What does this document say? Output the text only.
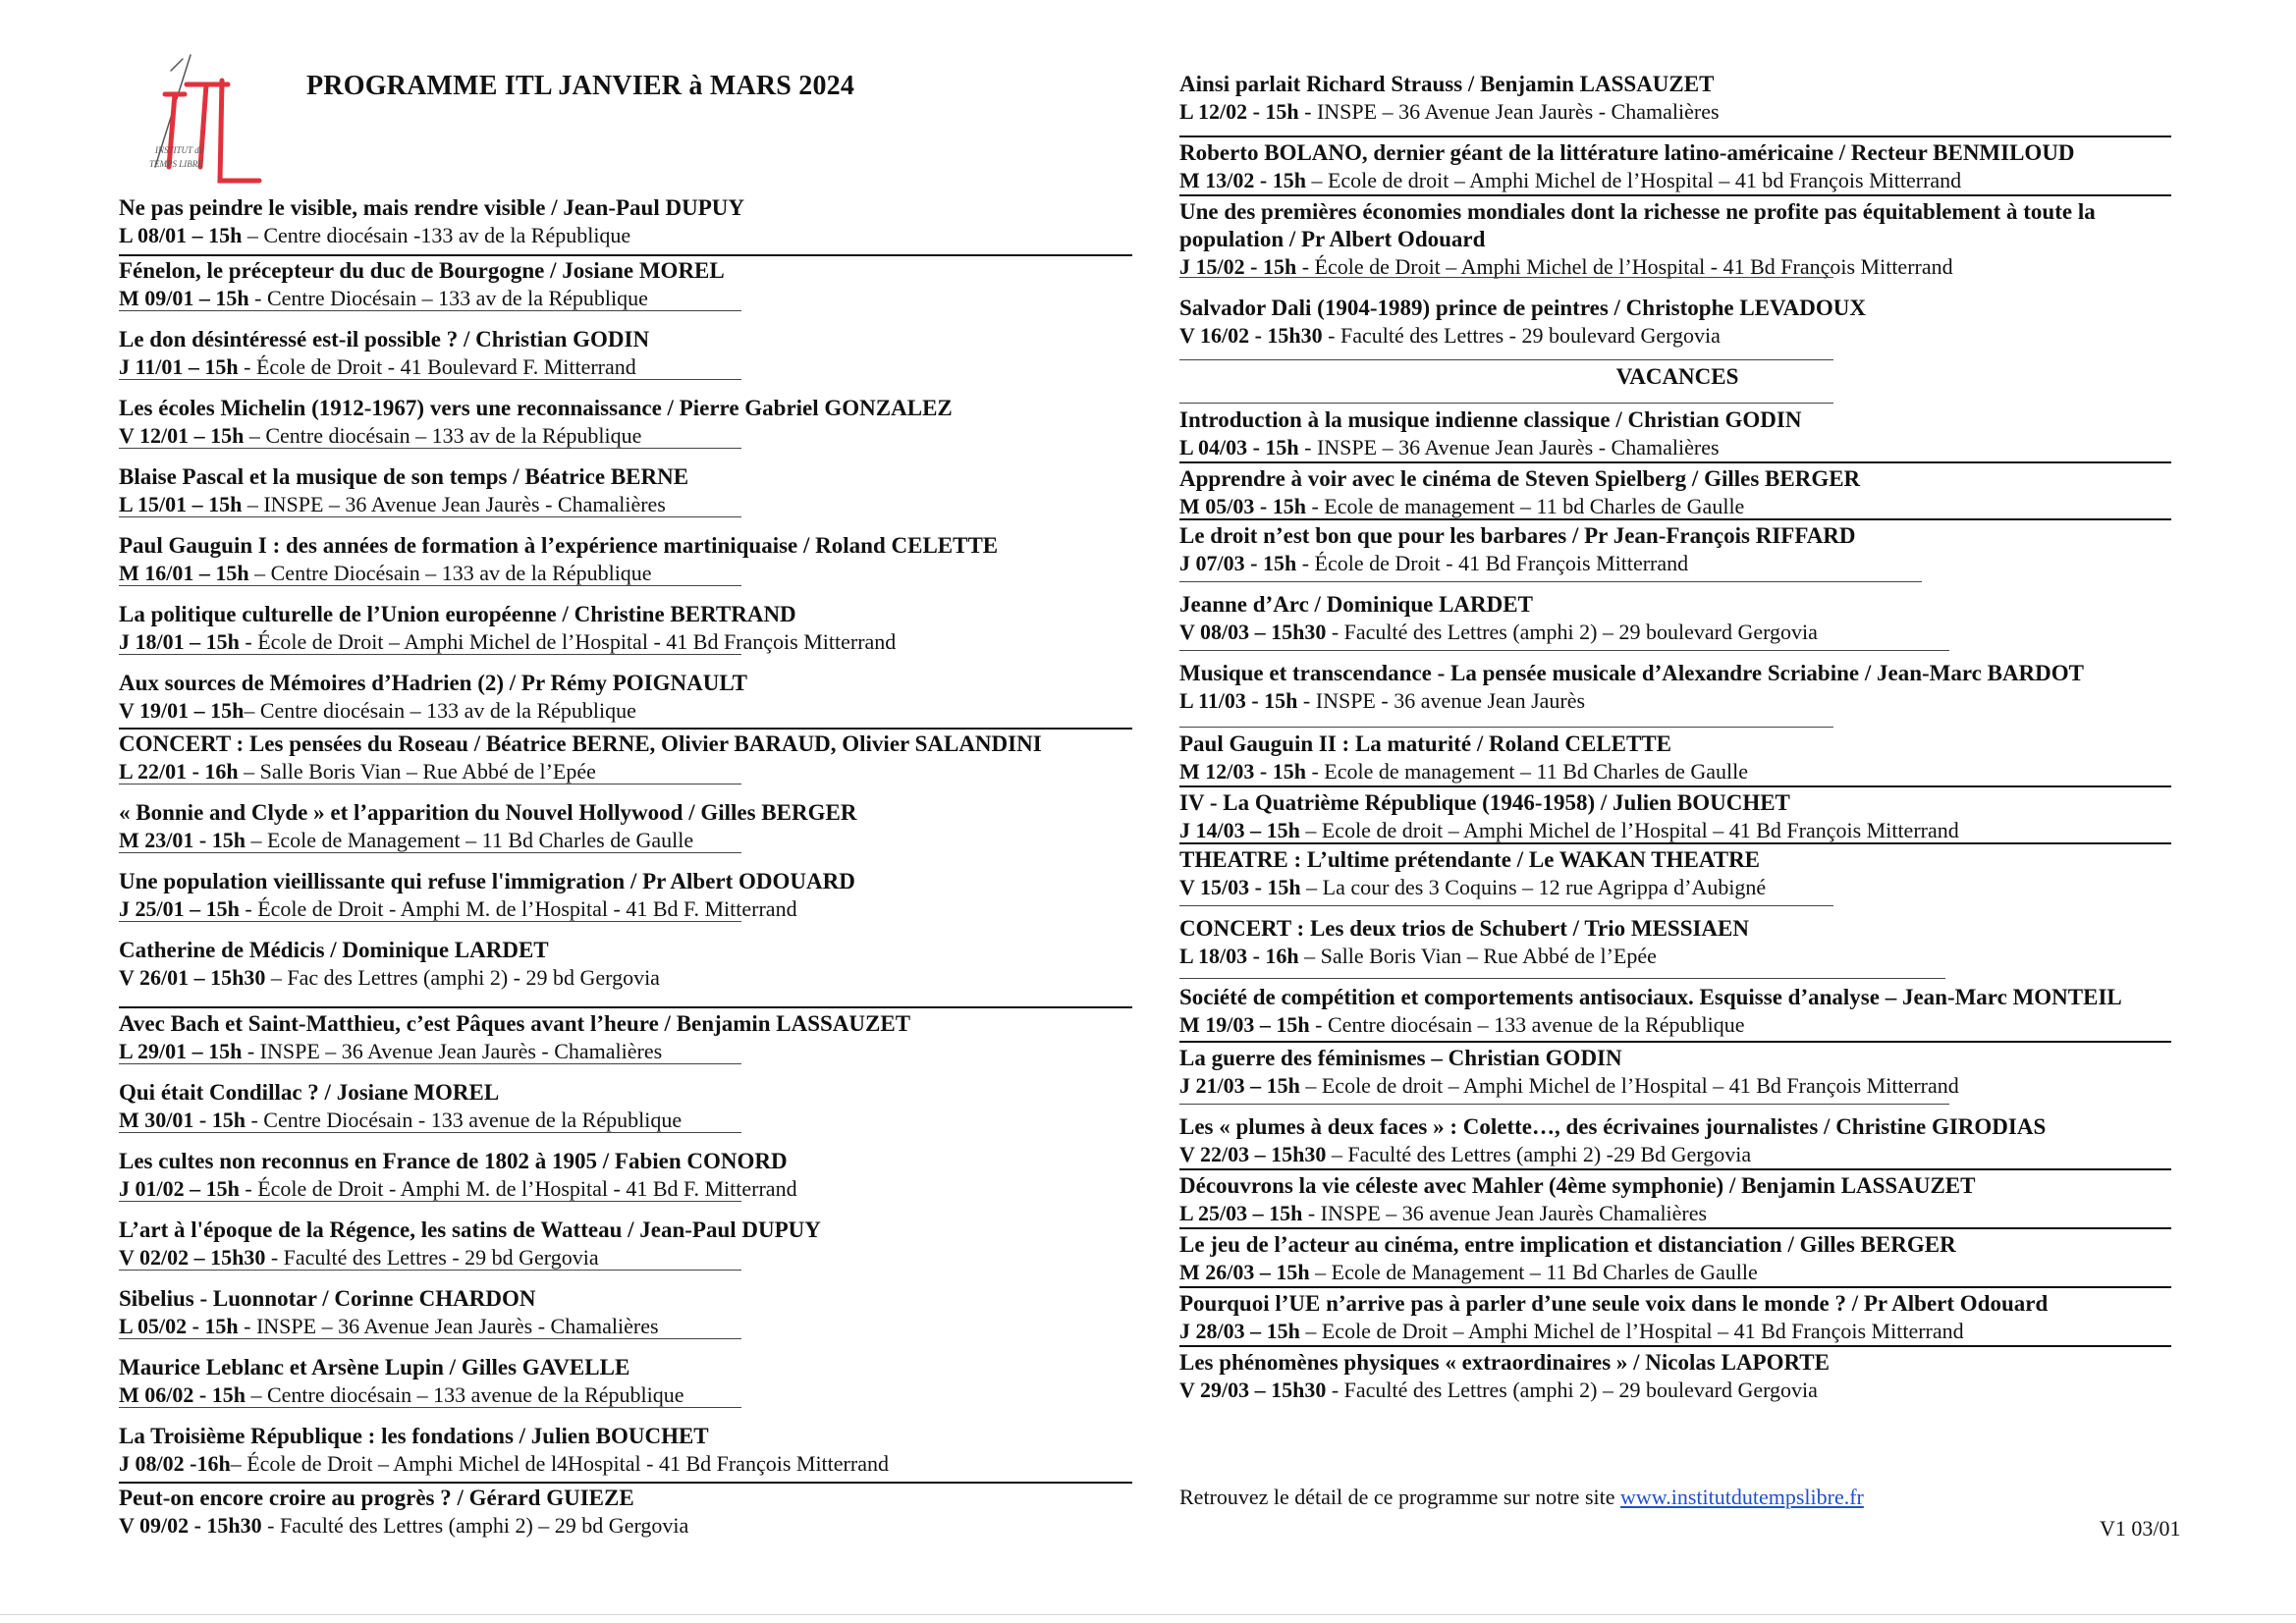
INSTITUT du
TEMPS LIBRE
PROGRAMME ITL JANVIER à MARS 2024
Ne pas peindre le visible, mais rendre visible / Jean-Paul DUPUY
L 08/01 – 15h – Centre diocésain -133 av de la République
Fénelon, le précepteur du duc de Bourgogne / Josiane MOREL
M 09/01 – 15h - Centre Diocésain – 133 av de la République
Le don désintéressé est-il possible ? / Christian GODIN
J 11/01 – 15h - École de Droit - 41 Boulevard F. Mitterrand
Les écoles Michelin (1912-1967) vers une reconnaissance / Pierre Gabriel GONZALEZ
V 12/01 – 15h – Centre diocésain – 133 av de la République
Blaise Pascal et la musique de son temps / Béatrice BERNE
L 15/01 – 15h – INSPE – 36 Avenue Jean Jaurès - Chamalières
Paul Gauguin I : des années de formation à l’expérience martiniquaise / Roland CELETTE
M 16/01 – 15h – Centre Diocésain – 133 av de la République
La politique culturelle de l’Union européenne / Christine BERTRAND
J 18/01 – 15h - École de Droit – Amphi Michel de l’Hospital - 41 Bd François Mitterrand
Aux sources de Mémoires d’Hadrien (2) / Pr Rémy POIGNAULT
V 19/01 – 15h– Centre diocésain – 133 av de la République
CONCERT : Les pensées du Roseau / Béatrice BERNE, Olivier BARAUD, Olivier SALANDINI
L 22/01 - 16h – Salle Boris Vian – Rue Abbé de l’Epée
« Bonnie and Clyde » et l’apparition du Nouvel Hollywood / Gilles BERGER
M 23/01 - 15h – Ecole de Management – 11 Bd Charles de Gaulle
Une population vieillissante qui refuse l'immigration / Pr Albert ODOUARD
J 25/01 – 15h - École de Droit - Amphi M. de l’Hospital - 41 Bd F. Mitterrand
Catherine de Médicis / Dominique LARDET
V 26/01 – 15h30 – Fac des Lettres (amphi 2) - 29 bd Gergovia
Avec Bach et Saint-Matthieu, c’est Pâques avant l’heure / Benjamin LASSAUZET
L 29/01 – 15h - INSPE – 36 Avenue Jean Jaurès - Chamalières
Qui était Condillac ? / Josiane MOREL
M 30/01 - 15h - Centre Diocésain - 133 avenue de la République
Les cultes non reconnus en France de 1802 à 1905 / Fabien CONORD
J 01/02 – 15h - École de Droit - Amphi M. de l’Hospital - 41 Bd F. Mitterrand
L’art à l'époque de la Régence, les satins de Watteau / Jean-Paul DUPUY
V 02/02 – 15h30 - Faculté des Lettres - 29 bd Gergovia
Sibelius - Luonnotar / Corinne CHARDON
L 05/02 - 15h - INSPE – 36 Avenue Jean Jaurès - Chamalières
Maurice Leblanc et Arsène Lupin / Gilles GAVELLE
M 06/02 - 15h – Centre diocésain – 133 avenue de la République
La Troisième République : les fondations / Julien BOUCHET
J 08/02 -16h– École de Droit – Amphi Michel de l4Hospital - 41 Bd François Mitterrand
Peut-on encore croire au progrès ? / Gérard GUIEZE
V 09/02 - 15h30 - Faculté des Lettres (amphi 2) – 29 bd Gergovia
Ainsi parlait Richard Strauss / Benjamin LASSAUZET
L 12/02 - 15h - INSPE – 36 Avenue Jean Jaurès - Chamalières
Roberto BOLANO, dernier géant de la littérature latino-américaine / Recteur BENMILOUD
M 13/02 - 15h – Ecole de droit – Amphi Michel de l’Hospital – 41 bd François Mitterrand
Une des premières économies mondiales dont la richesse ne profite pas équitablement à toute la
population / Pr Albert Odouard
J 15/02 - 15h - École de Droit – Amphi Michel de l’Hospital - 41 Bd François Mitterrand
Salvador Dali (1904-1989) prince de peintres / Christophe LEVADOUX
V 16/02 - 15h30 - Faculté des Lettres - 29 boulevard Gergovia
Introduction à la musique indienne classique / Christian GODIN
L 04/03 - 15h - INSPE – 36 Avenue Jean Jaurès - Chamalières
Apprendre à voir avec le cinéma de Steven Spielberg / Gilles BERGER
M 05/03 - 15h - Ecole de management – 11 bd Charles de Gaulle
Le droit n’est bon que pour les barbares / Pr Jean-François RIFFARD
J 07/03 - 15h - École de Droit - 41 Bd François Mitterrand
Jeanne d’Arc / Dominique LARDET
V 08/03 – 15h30 - Faculté des Lettres (amphi 2) – 29 boulevard Gergovia
Musique et transcendance - La pensée musicale d’Alexandre Scriabine / Jean-Marc BARDOT
L 11/03 - 15h - INSPE - 36 avenue Jean Jaurès
Paul Gauguin II : La maturité / Roland CELETTE
M 12/03 - 15h - Ecole de management – 11 Bd Charles de Gaulle
IV - La Quatrième République (1946-1958) / Julien BOUCHET
J 14/03 – 15h – Ecole de droit – Amphi Michel de l’Hospital – 41 Bd François Mitterrand
THEATRE : L’ultime prétendante / Le WAKAN THEATRE
V 15/03 - 15h – La cour des 3 Coquins – 12 rue Agrippa d’Aubigné
CONCERT : Les deux trios de Schubert / Trio MESSIAEN
L 18/03 - 16h – Salle Boris Vian – Rue Abbé de l’Epée
Société de compétition et comportements antisociaux. Esquisse d’analyse – Jean-Marc MONTEIL
M 19/03 – 15h - Centre diocésain – 133 avenue de la République
La guerre des féminismes – Christian GODIN
J 21/03 – 15h – Ecole de droit – Amphi Michel de l’Hospital – 41 Bd François Mitterrand
Les « plumes à deux faces » : Colette…, des écrivaines journalistes / Christine GIRODIAS
V 22/03 – 15h30 – Faculté des Lettres (amphi 2) -29 Bd Gergovia
Découvrons la vie céleste avec Mahler (4ème symphonie) / Benjamin LASSAUZET
L 25/03 – 15h - INSPE – 36 avenue Jean Jaurès Chamalières
Le jeu de l’acteur au cinéma, entre implication et distanciation / Gilles BERGER
M 26/03 – 15h – Ecole de Management – 11 Bd Charles de Gaulle
Pourquoi l’UE n’arrive pas à parler d’une seule voix dans le monde ? / Pr Albert Odouard
J 28/03 – 15h – Ecole de Droit – Amphi Michel de l’Hospital – 41 Bd François Mitterrand
Les phénomènes physiques « extraordinaires » / Nicolas LAPORTE
V 29/03 – 15h30 - Faculté des Lettres (amphi 2) – 29 boulevard Gergovia
VACANCES
Retrouvez le détail de ce programme sur notre site www.institutdutempslibre.fr
V1 03/01
